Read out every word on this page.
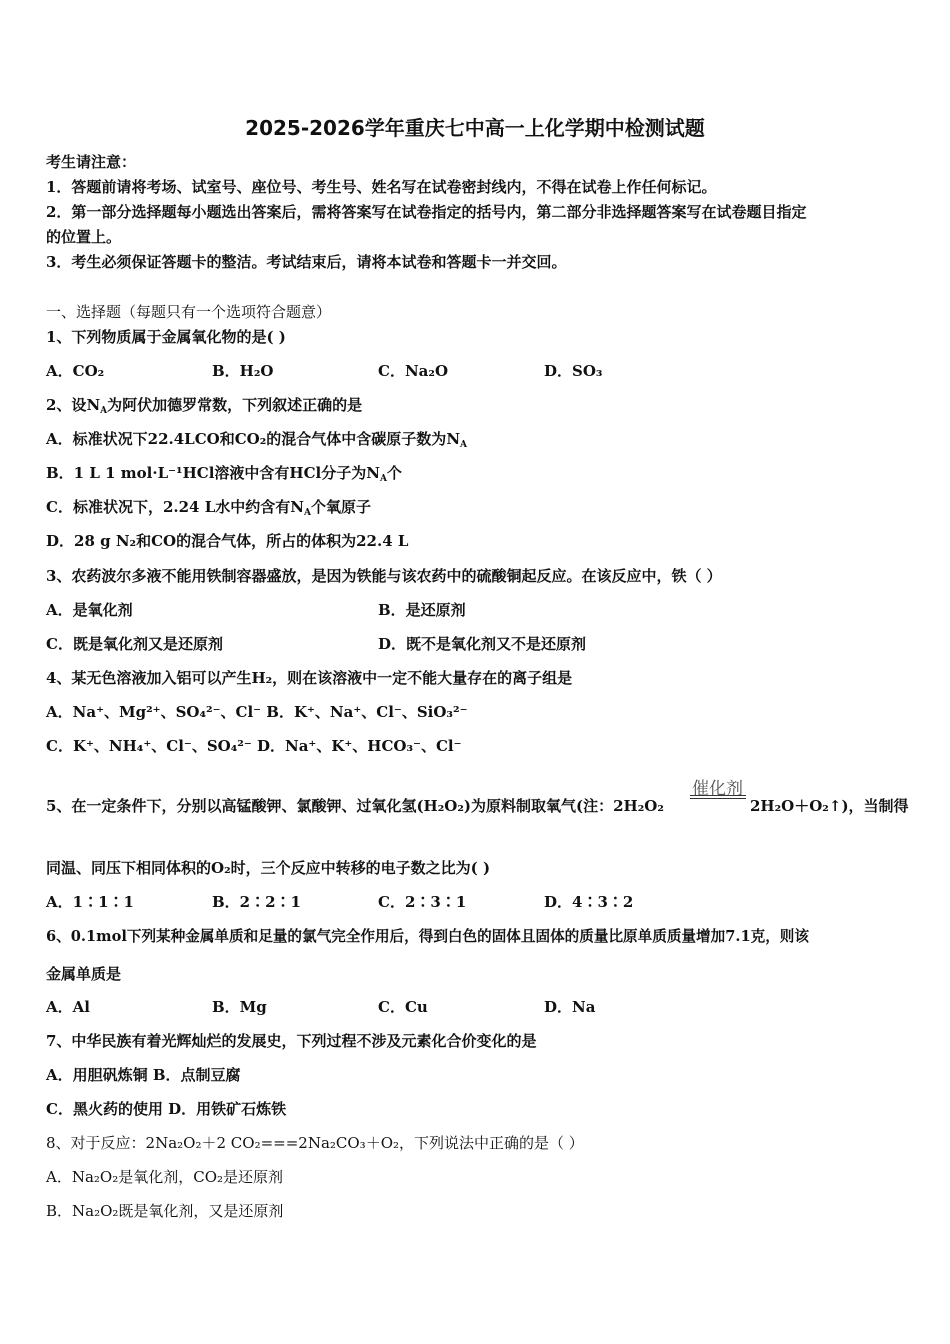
2025-2026学年重庆七中高一上化学期中检测试题
考生请注意：
1．答题前请将考场、试室号、座位号、考生号、姓名写在试卷密封线内，不得在试卷上作任何标记。
2．第一部分选择题每小题选出答案后，需将答案写在试卷指定的括号内，第二部分非选择题答案写在试卷题目指定
的位置上。
3．考生必须保证答题卡的整洁。考试结束后，请将本试卷和答题卡一并交回。
一、选择题（每题只有一个选项符合题意）
1、下列物质属于金属氧化物的是( )
A．CO₂	B．H₂O	C．Na₂O	D．SO₃
2、设$N_A$为阿伏加德罗常数，下列叙述正确的是
A．标准状况下22.4LCO和CO₂的混合气体中含碳原子数为$N_A$
B．1 L 1 mol·L⁻¹HCl溶液中含有HCl分子为$N_A$个
C．标准状况下，2.24 L水中约含有$N_A$个氧原子
D．28 g N₂和CO的混合气体，所占的体积为22.4 L
3、农药波尔多液不能用铁制容器盛放，是因为铁能与该农药中的硫酸铜起反应。在该反应中，铁（ ）
A．是氧化剂	B．是还原剂
C．既是氧化剂又是还原剂	D．既不是氧化剂又不是还原剂
4、某无色溶液加入铝可以产生H₂，则在该溶液中一定不能大量存在的离子组是
A．Na⁺、Mg²⁺、SO₄²⁻、Cl⁻ B．K⁺、Na⁺、Cl⁻、SiO₃²⁻
C．K⁺、NH₄⁺、Cl⁻、SO₄²⁻ D．Na⁺、K⁺、HCO₃⁻、Cl⁻
催化剂
5、在一定条件下，分别以高锰酸钾、氯酸钾、过氧化氢(H₂O₂)为原料制取氧气(注：2H₂O₂	2H₂O＋O₂↑)，当制得
同温、同压下相同体积的O₂时，三个反应中转移的电子数之比为( )
A．1∶1∶1	B．2∶2∶1	C．2∶3∶1	D．4∶3∶2
6、0.1mol下列某种金属单质和足量的氯气完全作用后，得到白色的固体且固体的质量比原单质质量增加7.1克，则该
金属单质是
A．Al	B．Mg	C．Cu	D．Na
7、中华民族有着光辉灿烂的发展史，下列过程不涉及元素化合价变化的是
A．用胆矾炼铜 B．点制豆腐
C．黑火药的使用 D．用铁矿石炼铁
8、对于反应：2Na₂O₂＋2 CO₂===2Na₂CO₃＋O₂，下列说法中正确的是（ ）
A．Na₂O₂是氧化剂，CO₂是还原剂
B．Na₂O₂既是氧化剂，又是还原剂
